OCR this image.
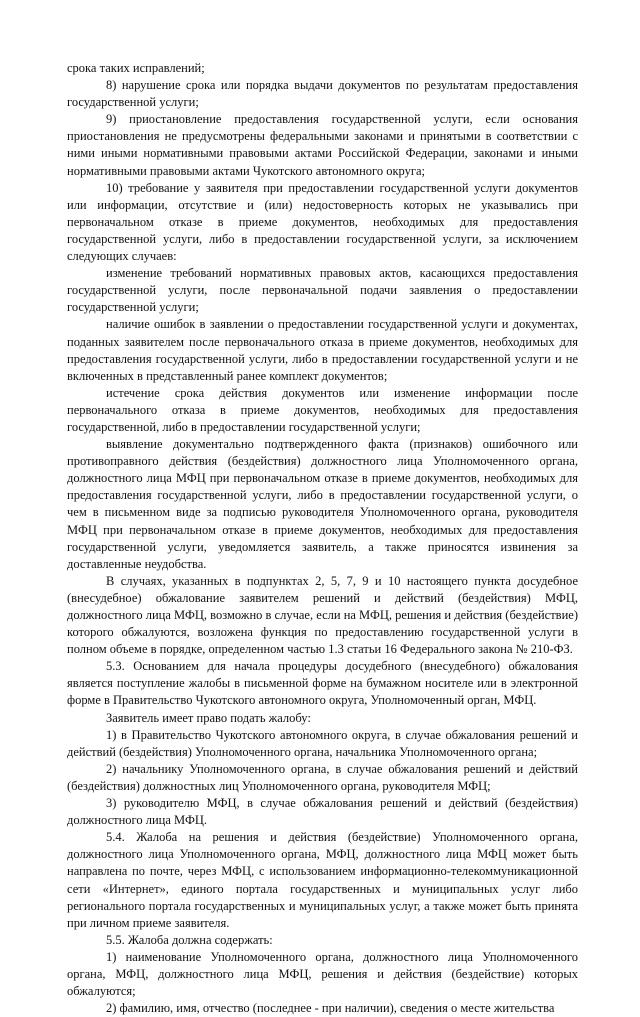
срока таких исправлений;

8) нарушение срока или порядка выдачи документов по результатам предоставления государственной услуги;

9) приостановление предоставления государственной услуги, если основания приостановления не предусмотрены федеральными законами и принятыми в соответствии с ними иными нормативными правовыми актами Российской Федерации, законами и иными нормативными правовыми актами Чукотского автономного округа;

10) требование у заявителя при предоставлении государственной услуги документов или информации, отсутствие и (или) недостоверность которых не указывались при первоначальном отказе в приеме документов, необходимых для предоставления государственной услуги, либо в предоставлении государственной услуги, за исключением следующих случаев:

изменение требований нормативных правовых актов, касающихся предоставления государственной услуги, после первоначальной подачи заявления о предоставлении государственной услуги;

наличие ошибок в заявлении о предоставлении государственной услуги и документах, поданных заявителем после первоначального отказа в приеме документов, необходимых для предоставления государственной услуги, либо в предоставлении государственной услуги и не включенных в представленный ранее комплект документов;

истечение срока действия документов или изменение информации после первоначального отказа в приеме документов, необходимых для предоставления государственной, либо в предоставлении государственной услуги;

выявление документально подтвержденного факта (признаков) ошибочного или противоправного действия (бездействия) должностного лица Уполномоченного органа, должностного лица МФЦ при первоначальном отказе в приеме документов, необходимых для предоставления государственной услуги, либо в предоставлении государственной услуги, о чем в письменном виде за подписью руководителя Уполномоченного органа, руководителя МФЦ при первоначальном отказе в приеме документов, необходимых для предоставления государственной услуги, уведомляется заявитель, а также приносятся извинения за доставленные неудобства.

В случаях, указанных в подпунктах 2, 5, 7, 9 и 10 настоящего пункта досудебное (внесудебное) обжалование заявителем решений и действий (бездействия) МФЦ, должностного лица МФЦ, возможно в случае, если на МФЦ, решения и действия (бездействие) которого обжалуются, возложена функция по предоставлению государственной услуги в полном объеме в порядке, определенном частью 1.3 статьи 16 Федерального закона № 210-ФЗ.

5.3. Основанием для начала процедуры досудебного (внесудебного) обжалования является поступление жалобы в письменной форме на бумажном носителе или в электронной форме в Правительство Чукотского автономного округа, Уполномоченный орган, МФЦ.

Заявитель имеет право подать жалобу:

1) в Правительство Чукотского автономного округа, в случае обжалования решений и действий (бездействия) Уполномоченного органа, начальника Уполномоченного органа;

2) начальнику Уполномоченного органа, в случае обжалования решений и действий (бездействия) должностных лиц Уполномоченного органа, руководителя МФЦ;

3) руководителю МФЦ, в случае обжалования решений и действий (бездействия) должностного лица МФЦ.

5.4. Жалоба на решения и действия (бездействие) Уполномоченного органа, должностного лица Уполномоченного органа, МФЦ, должностного лица МФЦ может быть направлена по почте, через МФЦ, с использованием информационно-телекоммуникационной сети «Интернет», единого портала государственных и муниципальных услуг либо регионального портала государственных и муниципальных услуг, а также может быть принята при личном приеме заявителя.

5.5. Жалоба должна содержать:

1) наименование Уполномоченного органа, должностного лица Уполномоченного органа, МФЦ, должностного лица МФЦ, решения и действия (бездействие) которых обжалуются;

2) фамилию, имя, отчество (последнее - при наличии), сведения о месте жительства
